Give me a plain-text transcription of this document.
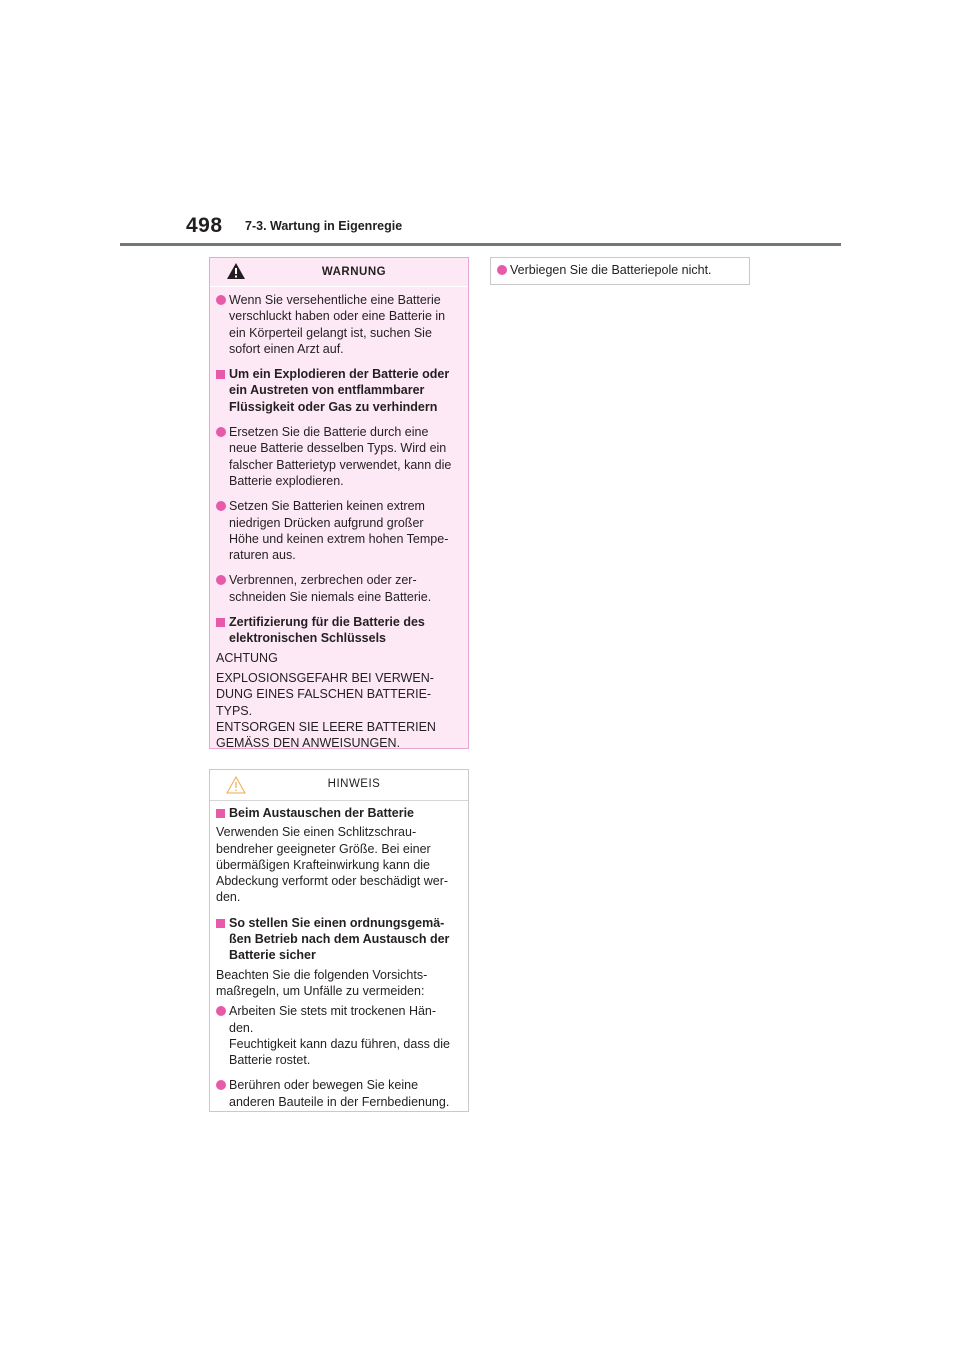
498 7-3. Wartung in Eigenregie
WARNUNG
Wenn Sie versehentliche eine Batterie
verschluckt haben oder eine Batterie in
ein Körperteil gelangt ist, suchen Sie
sofort einen Arzt auf.
Um ein Explodieren der Batterie oder
ein Austreten von entflammbarer
Flüssigkeit oder Gas zu verhindern
Ersetzen Sie die Batterie durch eine
neue Batterie desselben Typs. Wird ein
falscher Batterietyp verwendet, kann die
Batterie explodieren.
Setzen Sie Batterien keinen extrem
niedrigen Drücken aufgrund großer
Höhe und keinen extrem hohen Tempe-
raturen aus.
Verbrennen, zerbrechen oder zer-
schneiden Sie niemals eine Batterie.
Zertifizierung für die Batterie des
elektronischen Schlüssels
ACHTUNG
EXPLOSIONSGEFAHR BEI VERWEN-
DUNG EINES FALSCHEN BATTERIE-
TYPS.
ENTSORGEN SIE LEERE BATTERIEN
GEMÄSS DEN ANWEISUNGEN.
HINWEIS
Beim Austauschen der Batterie
Verwenden Sie einen Schlitzschrau-
bendreher geeigneter Größe. Bei einer
übermäßigen Krafteinwirkung kann die
Abdeckung verformt oder beschädigt wer-
den.
So stellen Sie einen ordnungsgemä-
ßen Betrieb nach dem Austausch der
Batterie sicher
Beachten Sie die folgenden Vorsichts-
maßregeln, um Unfälle zu vermeiden:
Arbeiten Sie stets mit trockenen Hän-
den.
Feuchtigkeit kann dazu führen, dass die
Batterie rostet.
Berühren oder bewegen Sie keine
anderen Bauteile in der Fernbedienung.
Verbiegen Sie die Batteriepole nicht.
